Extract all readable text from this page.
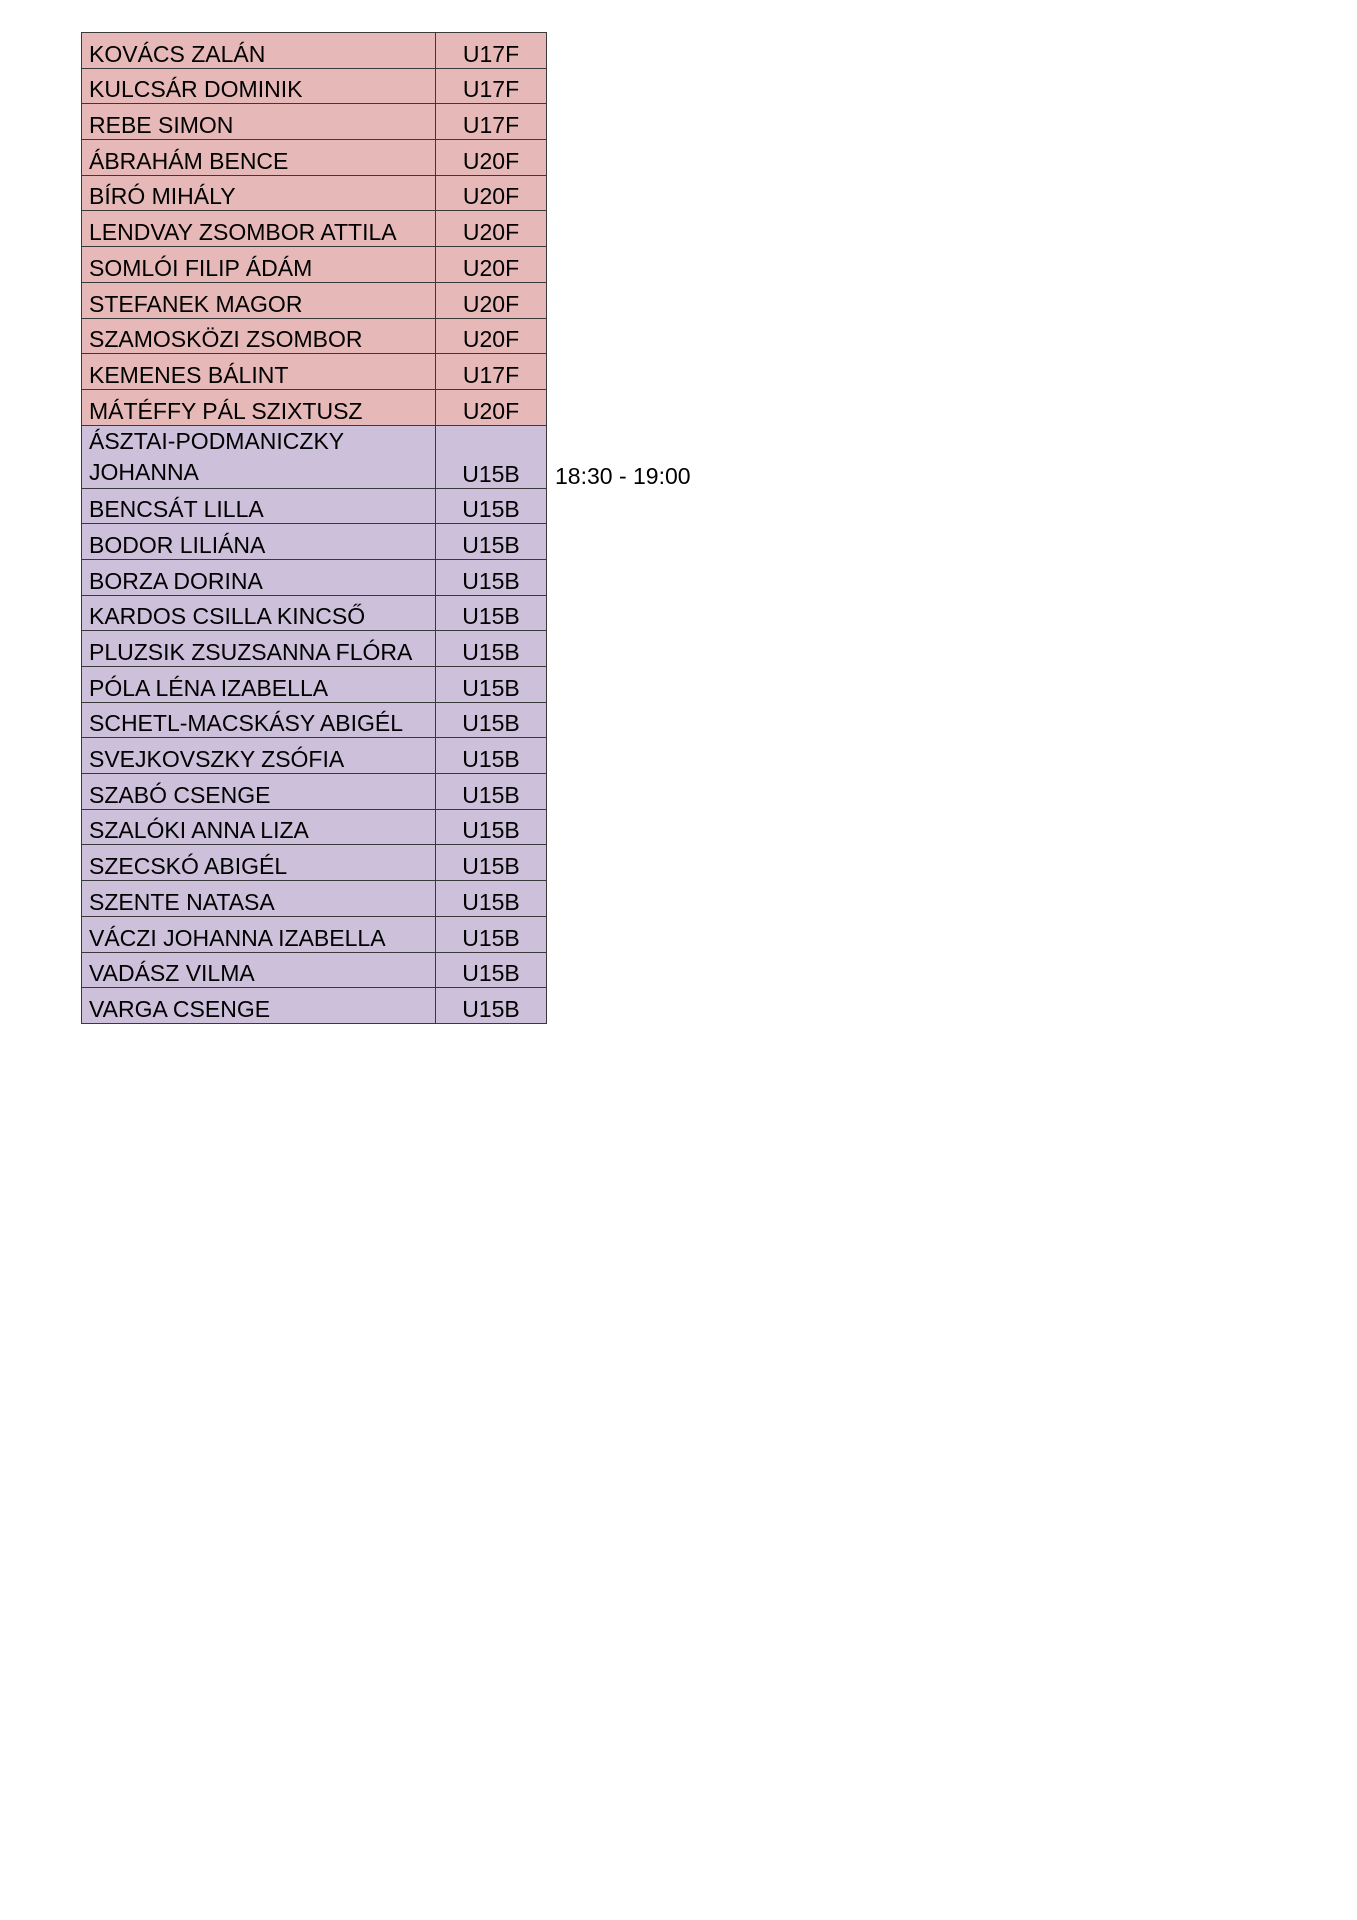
KOVÁCS ZALÁN	U17F	
KULCSÁR DOMINIK	U17F	
REBE SIMON	U17F	
ÁBRAHÁM BENCE	U20F	
BÍRÓ MIHÁLY	U20F	
LENDVAY ZSOMBOR ATTILA	U20F	
SOMLÓI FILIP ÁDÁM	U20F	
STEFANEK MAGOR	U20F	
SZAMOSKÖZI ZSOMBOR	U20F	
KEMENES BÁLINT	U17F	
MÁTÉFFY PÁL SZIXTUSZ	U20F	
ÁSZTAI-PODMANICZKY JOHANNA	U15B	18:30 - 19:00
BENCSÁT LILLA	U15B	
BODOR LILIÁNA	U15B	
BORZA DORINA	U15B	
KARDOS CSILLA KINCSŐ	U15B	
PLUZSIK ZSUZSANNA FLÓRA	U15B	
PÓLA LÉNA IZABELLA	U15B	
SCHETL-MACSKÁSY ABIGÉL	U15B	
SVEJKOVSZKY ZSÓFIA	U15B	
SZABÓ CSENGE	U15B	
SZALÓKI ANNA LIZA	U15B	
SZECSKÓ ABIGÉL	U15B	
SZENTE NATASA	U15B	
VÁCZI JOHANNA IZABELLA	U15B	
VADÁSZ VILMA	U15B	
VARGA CSENGE	U15B	
